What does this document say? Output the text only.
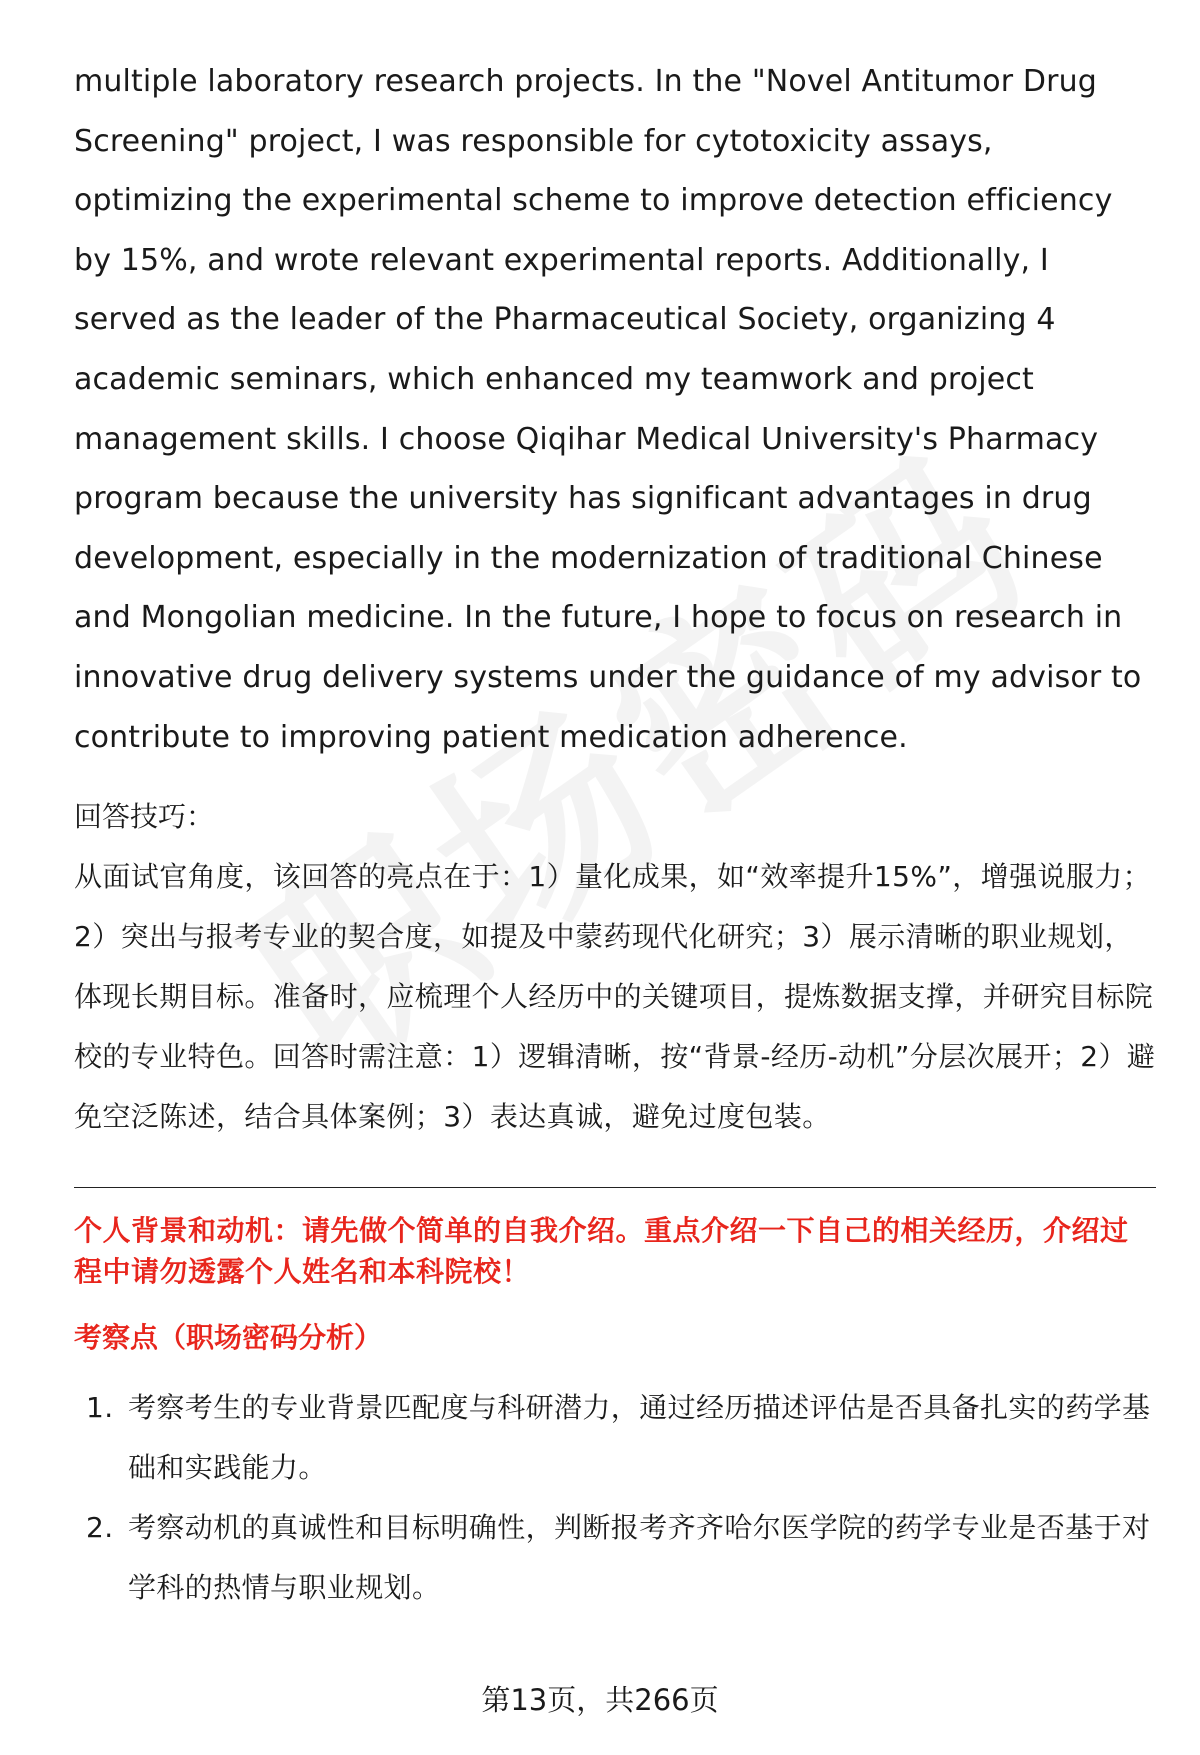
multiple laboratory research projects. In the "Novel Antitumor Drug Screening" project, I was responsible for cytotoxicity assays, optimizing the experimental scheme to improve detection efficiency by 15%, and wrote relevant experimental reports. Additionally, I served as the leader of the Pharmaceutical Society, organizing 4 academic seminars, which enhanced my teamwork and project management skills. I choose Qiqihar Medical University's Pharmacy program because the university has significant advantages in drug development, especially in the modernization of traditional Chinese and Mongolian medicine. In the future, I hope to focus on research in innovative drug delivery systems under the guidance of my advisor to contribute to improving patient medication adherence.

回答技巧：

从面试官角度，该回答的亮点在于：1）量化成果，如“效率提升15%”，增强说服力；2）突出与报考专业的契合度，如提及中蒙药现代化研究；3）展示清晰的职业规划，体现长期目标。准备时，应梳理个人经历中的关键项目，提炼数据支撑，并研究目标院校的专业特色。回答时需注意：1）逻辑清晰，按“背景-经历-动机”分层次展开；2）避免空泛陈述，结合具体案例；3）表达真诚，避免过度包装。

个人背景和动机：请先做个简单的自我介绍。重点介绍一下自己的相关经历，介绍过程中请勿透露个人姓名和本科院校！

考察点（职场密码分析）
1. 考察考生的专业背景匹配度与科研潜力，通过经历描述评估是否具备扎实的药学基础和实践能力。
2. 考察动机的真诚性和目标明确性，判断报考齐齐哈尔医学院的药学专业是否基于对学科的热情与职业规划。
第13页，共266页
